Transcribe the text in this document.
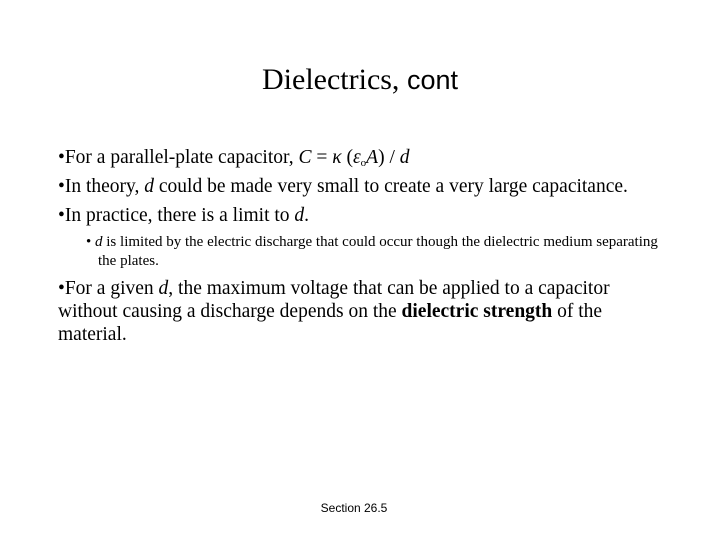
Dielectrics, cont

•For a parallel-plate capacitor, C = κ $(\varepsilon_oA)$ / d

•In theory, d could be made very small to create a very large capacitance.

•In practice, there is a limit to d.

• d is limited by the electric discharge that could occur though the dielectric medium separating the plates.

•For a given d, the maximum voltage that can be applied to a capacitor without causing a discharge depends on the dielectric strength of the material.

Section 26.5
